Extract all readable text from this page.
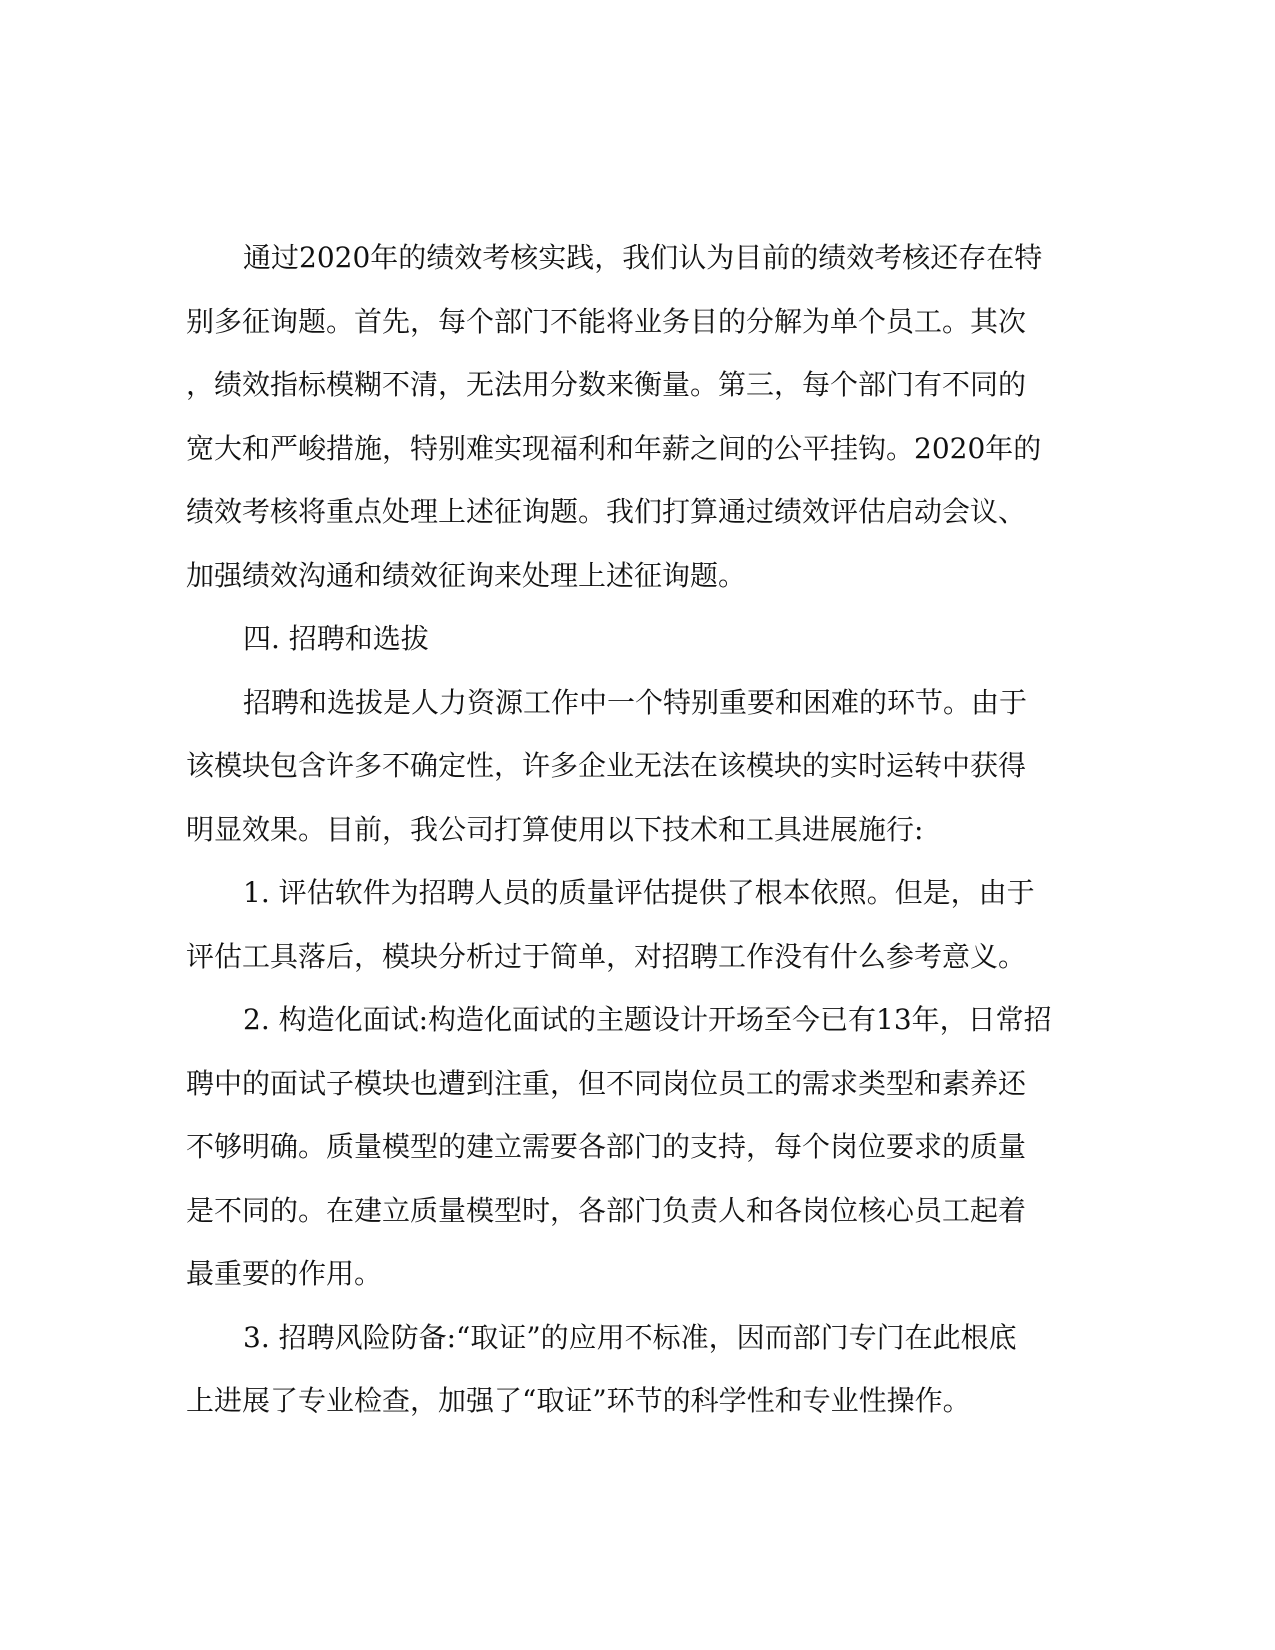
通过2020年的绩效考核实践，我们认为目前的绩效考核还存在特
别多征询题。首先，每个部门不能将业务目的分解为单个员工。其次
，绩效指标模糊不清，无法用分数来衡量。第三，每个部门有不同的
宽大和严峻措施，特别难实现福利和年薪之间的公平挂钩。2020年的
绩效考核将重点处理上述征询题。我们打算通过绩效评估启动会议、
加强绩效沟通和绩效征询来处理上述征询题。
四. 招聘和选拔
招聘和选拔是人力资源工作中一个特别重要和困难的环节。由于
该模块包含许多不确定性，许多企业无法在该模块的实时运转中获得
明显效果。目前，我公司打算使用以下技术和工具进展施行:
1. 评估软件为招聘人员的质量评估提供了根本依照。但是，由于
评估工具落后，模块分析过于简单，对招聘工作没有什么参考意义。
2. 构造化面试:构造化面试的主题设计开场至今已有13年，日常招
聘中的面试子模块也遭到注重，但不同岗位员工的需求类型和素养还
不够明确。质量模型的建立需要各部门的支持，每个岗位要求的质量
是不同的。在建立质量模型时，各部门负责人和各岗位核心员工起着
最重要的作用。
3. 招聘风险防备:“取证”的应用不标准，因而部门专门在此根底
上进展了专业检查，加强了“取证”环节的科学性和专业性操作。
